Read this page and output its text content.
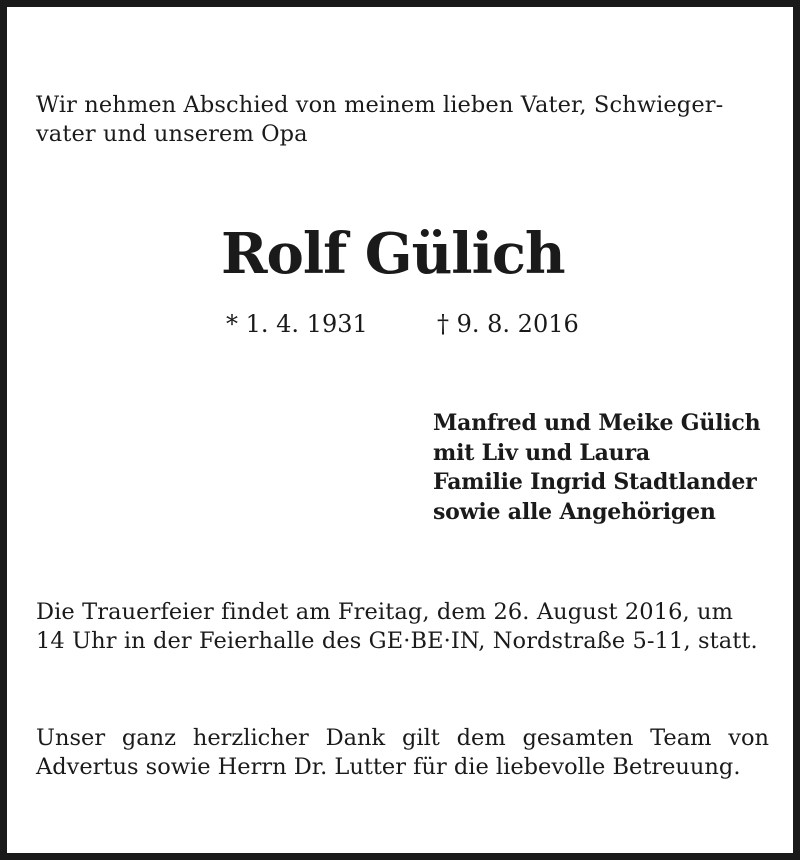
Wir nehmen Abschied von meinem lieben Vater, Schwieger-
vater und unserem Opa
Rolf Gülich
* 1. 4. 1931	† 9. 8. 2016
Manfred und Meike Gülich
mit Liv und Laura
Familie Ingrid Stadtlander
sowie alle Angehörigen
Die Trauerfeier findet am Freitag, dem 26. August 2016, um
14 Uhr in der Feierhalle des GE·BE·IN, Nordstraße 5-11, statt.
Unser ganz herzlicher Dank gilt dem gesamten Team von
Advertus sowie Herrn Dr. Lutter für die liebevolle Betreuung.
